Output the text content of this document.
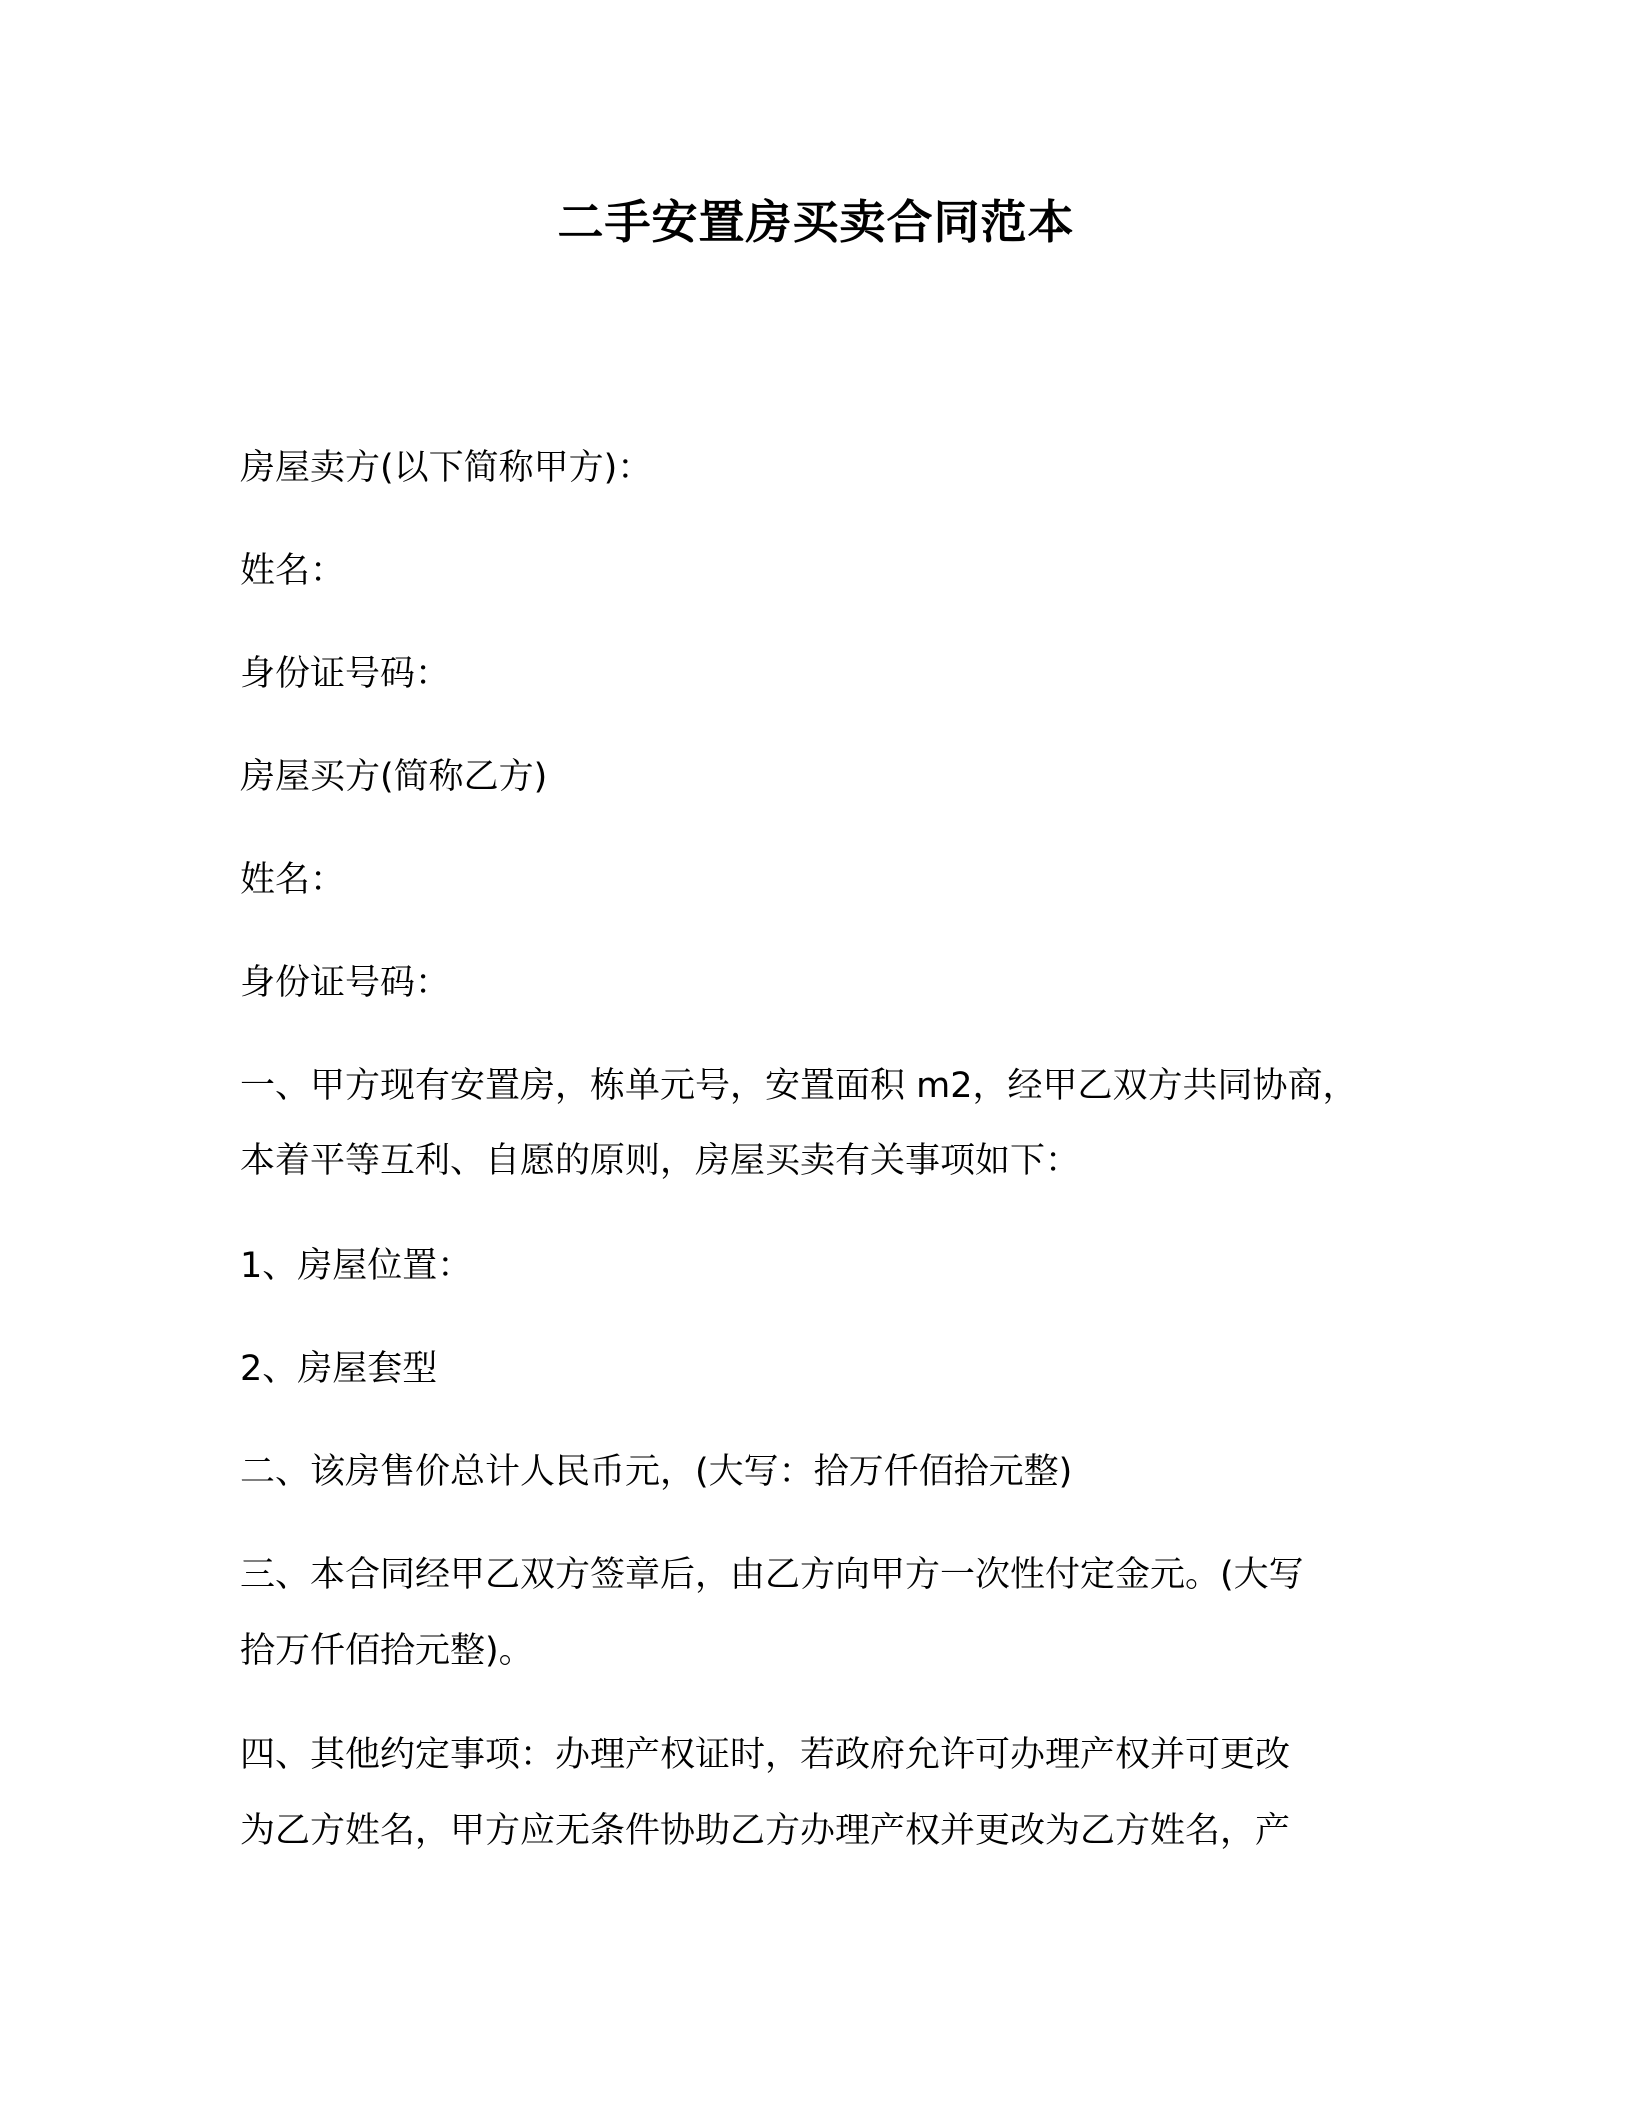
二手安置房买卖合同范本
房屋卖方(以下简称甲方)：
姓名：
身份证号码：
房屋买方(简称乙方)
姓名：
身份证号码：
一、甲方现有安置房，栋单元号，安置面积 m2，经甲乙双方共同协商，
本着平等互利、自愿的原则，房屋买卖有关事项如下：
1、房屋位置：
2、房屋套型
二、该房售价总计人民币元，(大写：拾万仟佰拾元整)
三、本合同经甲乙双方签章后，由乙方向甲方一次性付定金元。(大写
拾万仟佰拾元整)。
四、其他约定事项：办理产权证时，若政府允许可办理产权并可更改
为乙方姓名，甲方应无条件协助乙方办理产权并更改为乙方姓名，产
